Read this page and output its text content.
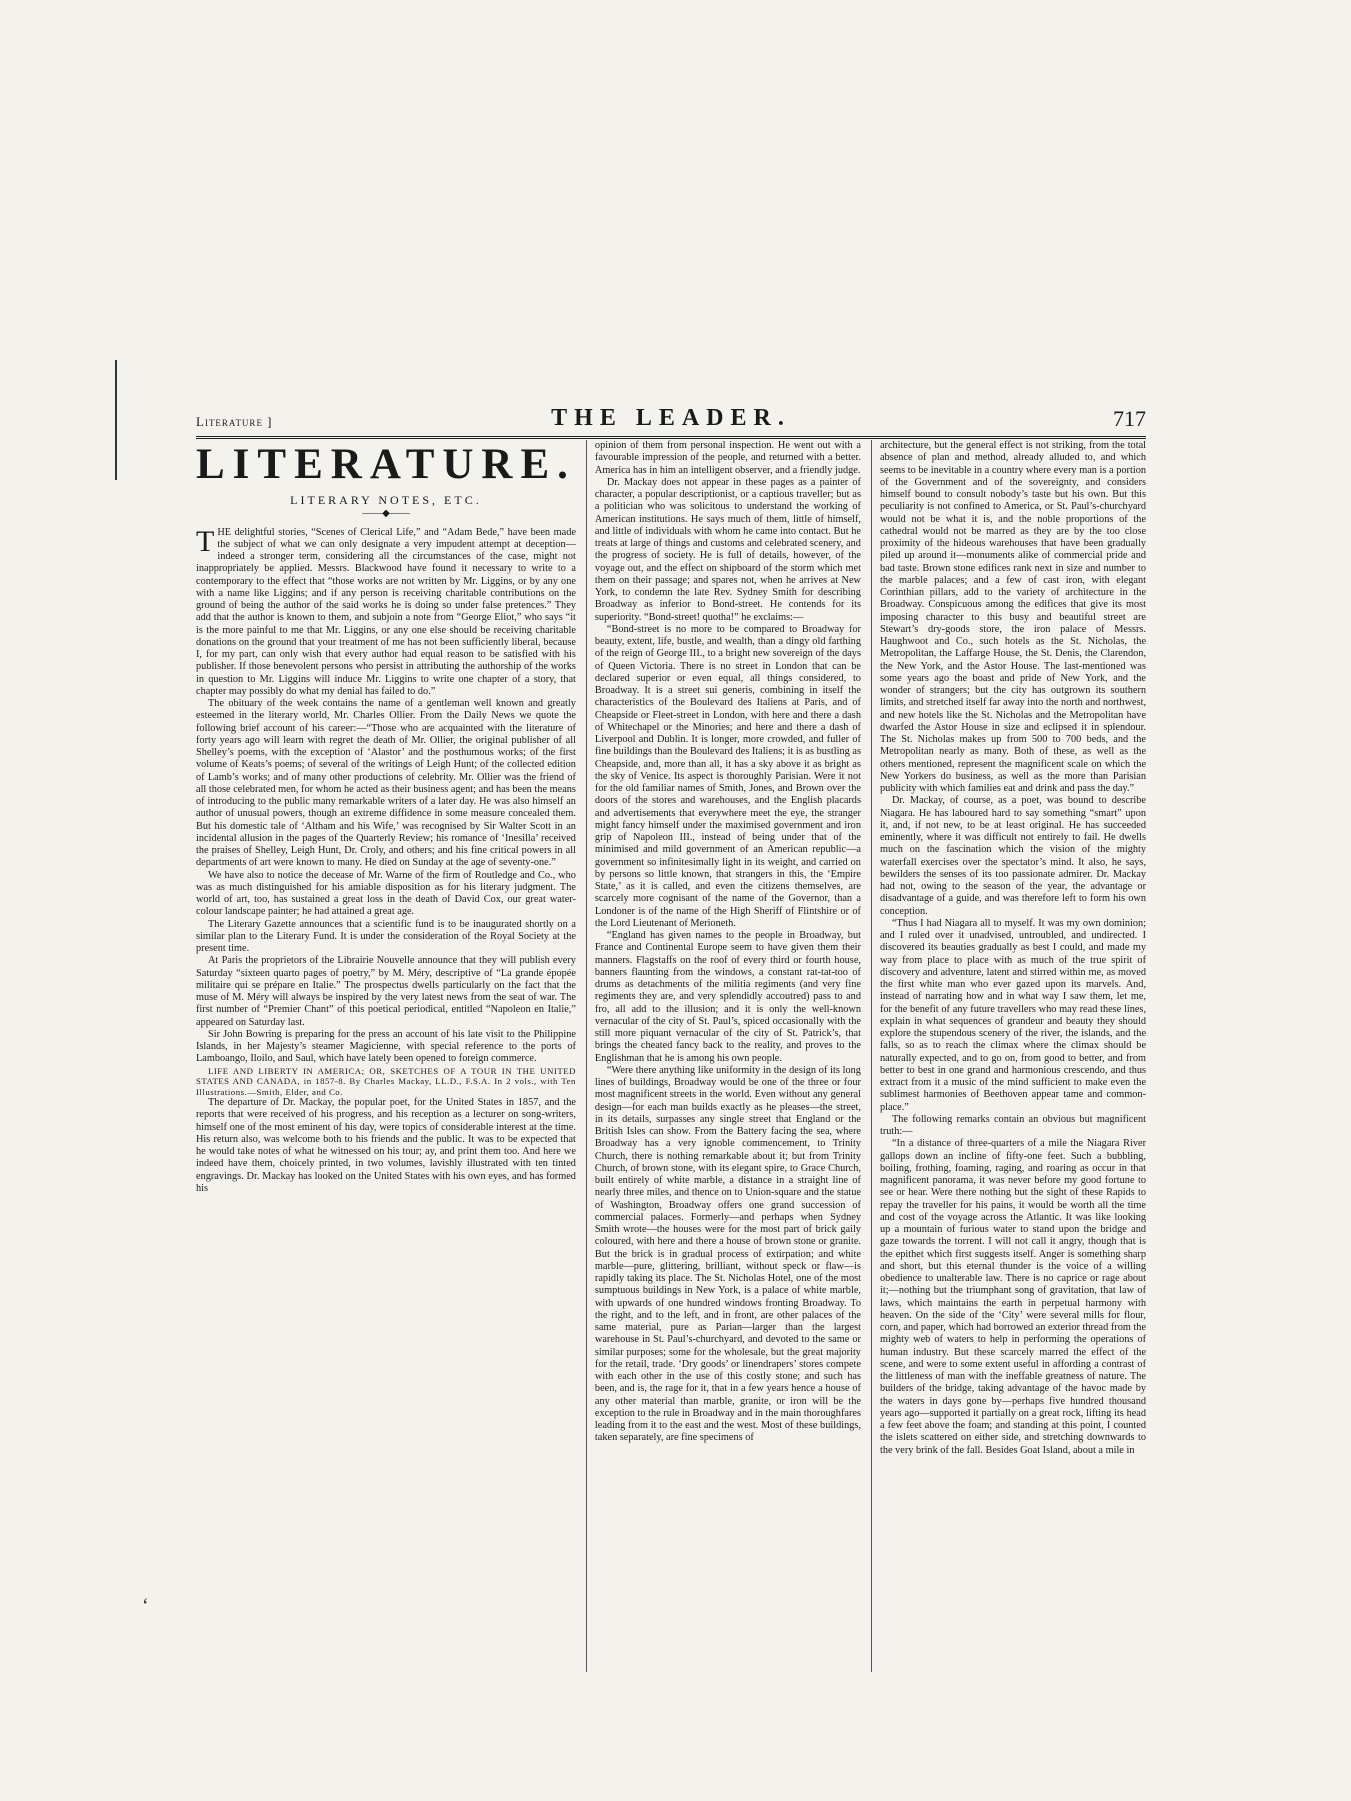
ʻ
Literature ]	THE LEADER.	717
LITERATURE.
LITERARY NOTES, ETC.
——◆——

THE delightful stories, “Scenes of Clerical Life,” and “Adam Bede,” have been made the subject of what we can only designate a very impudent attempt at deception—indeed a stronger term, considering all the circumstances of the case, might not inappropriately be applied. Messrs. Blackwood have found it necessary to write to a contemporary to the effect that “those works are not written by Mr. Liggins, or by any one with a name like Liggins; and if any person is receiving charitable contributions on the ground of being the author of the said works he is doing so under false pretences.” They add that the author is known to them, and subjoin a note from “George Eliot,” who says “it is the more painful to me that Mr. Liggins, or any one else should be receiving charitable donations on the ground that your treatment of me has not been sufficiently liberal, because I, for my part, can only wish that every author had equal reason to be satisfied with his publisher. If those benevolent persons who persist in attributing the authorship of the works in question to Mr. Liggins will induce Mr. Liggins to write one chapter of a story, that chapter may possibly do what my denial has failed to do.”

The obituary of the week contains the name of a gentleman well known and greatly esteemed in the literary world, Mr. Charles Ollier. From the Daily News we quote the following brief account of his career:—“Those who are acquainted with the literature of forty years ago will learn with regret the death of Mr. Ollier, the original publisher of all Shelley’s poems, with the exception of ‘Alastor’ and the posthumous works; of the first volume of Keats’s poems; of several of the writings of Leigh Hunt; of the collected edition of Lamb’s works; and of many other productions of celebrity. Mr. Ollier was the friend of all those celebrated men, for whom he acted as their business agent; and has been the means of introducing to the public many remarkable writers of a later day. He was also himself an author of unusual powers, though an extreme diffidence in some measure concealed them. But his domestic tale of ‘Altham and his Wife,’ was recognised by Sir Walter Scott in an incidental allusion in the pages of the Quarterly Review; his romance of ‘Inesilla’ received the praises of Shelley, Leigh Hunt, Dr. Croly, and others; and his fine critical powers in all departments of art were known to many. He died on Sunday at the age of seventy-one.”

We have also to notice the decease of Mr. Warne of the firm of Routledge and Co., who was as much distinguished for his amiable disposition as for his literary judgment. The world of art, too, has sustained a great loss in the death of David Cox, our great water-colour landscape painter; he had attained a great age.

The Literary Gazette announces that a scientific fund is to be inaugurated shortly on a similar plan to the Literary Fund. It is under the consideration of the Royal Society at the present time.

At Paris the proprietors of the Librairie Nouvelle announce that they will publish every Saturday “sixteen quarto pages of poetry,” by M. Méry, descriptive of “La grande épopée militaire qui se prépare en Italie.” The prospectus dwells particularly on the fact that the muse of M. Méry will always be inspired by the very latest news from the seat of war. The first number of “Premier Chant” of this poetical periodical, entitled “Napoleon en Italie,” appeared on Saturday last.

Sir John Bowring is preparing for the press an account of his late visit to the Philippine Islands, in her Majesty’s steamer Magicienne, with special reference to the ports of Lamboango, Iloilo, and Saul, which have lately been opened to foreign commerce.

LIFE AND LIBERTY IN AMERICA; OR, SKETCHES OF A TOUR IN THE UNITED STATES AND CANADA, in 1857-8. By Charles Mackay, LL.D., F.S.A. In 2 vols., with Ten Illustrations.—Smith, Elder, and Co.

The departure of Dr. Mackay, the popular poet, for the United States in 1857, and the reports that were received of his progress, and his reception as a lecturer on song-writers, himself one of the most eminent of his day, were topics of considerable interest at the time. His return also, was welcome both to his friends and the public. It was to be expected that he would take notes of what he witnessed on his tour; ay, and print them too. And here we indeed have them, choicely printed, in two volumes, lavishly illustrated with ten tinted engravings. Dr. Mackay has looked on the United States with his own eyes, and has formed his

opinion of them from personal inspection. He went out with a favourable impression of the people, and returned with a better. America has in him an intelligent observer, and a friendly judge.

Dr. Mackay does not appear in these pages as a painter of character, a popular descriptionist, or a captious traveller; but as a politician who was solicitous to understand the working of American institutions. He says much of them, little of himself, and little of individuals with whom he came into contact. But he treats at large of things and customs and celebrated scenery, and the progress of society. He is full of details, however, of the voyage out, and the effect on shipboard of the storm which met them on their passage; and spares not, when he arrives at New York, to condemn the late Rev. Sydney Smith for describing Broadway as inferior to Bond-street. He contends for its superiority. “Bond-street! quotha!” he exclaims:—

“Bond-street is no more to be compared to Broadway for beauty, extent, life, bustle, and wealth, than a dingy old farthing of the reign of George III., to a bright new sovereign of the days of Queen Victoria. There is no street in London that can be declared superior or even equal, all things considered, to Broadway. It is a street sui generis, combining in itself the characteristics of the Boulevard des Italiens at Paris, and of Cheapside or Fleet-street in London, with here and there a dash of Whitechapel or the Minories; and here and there a dash of Liverpool and Dublin. It is longer, more crowded, and fuller of fine buildings than the Boulevard des Italiens; it is as bustling as Cheapside, and, more than all, it has a sky above it as bright as the sky of Venice. Its aspect is thoroughly Parisian. Were it not for the old familiar names of Smith, Jones, and Brown over the doors of the stores and warehouses, and the English placards and advertisements that everywhere meet the eye, the stranger might fancy himself under the maximised government and iron grip of Napoleon III., instead of being under that of the minimised and mild government of an American republic—a government so infinitesimally light in its weight, and carried on by persons so little known, that strangers in this, the ‘Empire State,’ as it is called, and even the citizens themselves, are scarcely more cognisant of the name of the Governor, than a Londoner is of the name of the High Sheriff of Flintshire or of the Lord Lieutenant of Merioneth.

“England has given names to the people in Broadway, but France and Continental Europe seem to have given them their manners. Flagstaffs on the roof of every third or fourth house, banners flaunting from the windows, a constant rat-tat-too of drums as detachments of the militia regiments (and very fine regiments they are, and very splendidly accoutred) pass to and fro, all add to the illusion; and it is only the well-known vernacular of the city of St. Paul’s, spiced occasionally with the still more piquant vernacular of the city of St. Patrick’s, that brings the cheated fancy back to the reality, and proves to the Englishman that he is among his own people.

“Were there anything like uniformity in the design of its long lines of buildings, Broadway would be one of the three or four most magnificent streets in the world. Even without any general design—for each man builds exactly as he pleases—the street, in its details, surpasses any single street that England or the British Isles can show. From the Battery facing the sea, where Broadway has a very ignoble commencement, to Trinity Church, there is nothing remarkable about it; but from Trinity Church, of brown stone, with its elegant spire, to Grace Church, built entirely of white marble, a distance in a straight line of nearly three miles, and thence on to Union-square and the statue of Washington, Broadway offers one grand succession of commercial palaces. Formerly—and perhaps when Sydney Smith wrote—the houses were for the most part of brick gaily coloured, with here and there a house of brown stone or granite. But the brick is in gradual process of extirpation; and white marble—pure, glittering, brilliant, without speck or flaw—is rapidly taking its place. The St. Nicholas Hotel, one of the most sumptuous buildings in New York, is a palace of white marble, with upwards of one hundred windows fronting Broadway. To the right, and to the left, and in front, are other palaces of the same material, pure as Parian—larger than the largest warehouse in St. Paul’s-churchyard, and devoted to the same or similar purposes; some for the wholesale, but the great majority for the retail, trade. ‘Dry goods’ or linendrapers’ stores compete with each other in the use of this costly stone; and such has been, and is, the rage for it, that in a few years hence a house of any other material than marble, granite, or iron will be the exception to the rule in Broadway and in the main thoroughfares leading from it to the east and the west. Most of these buildings, taken separately, are fine specimens of

architecture, but the general effect is not striking, from the total absence of plan and method, already alluded to, and which seems to be inevitable in a country where every man is a portion of the Government and of the sovereignty, and considers himself bound to consult nobody’s taste but his own. But this peculiarity is not confined to America, or St. Paul’s-churchyard would not be what it is, and the noble proportions of the cathedral would not be marred as they are by the too close proximity of the hideous warehouses that have been gradually piled up around it—monuments alike of commercial pride and bad taste. Brown stone edifices rank next in size and number to the marble palaces; and a few of cast iron, with elegant Corinthian pillars, add to the variety of architecture in the Broadway. Conspicuous among the edifices that give its most imposing character to this busy and beautiful street are Stewart’s dry-goods store, the iron palace of Messrs. Haughwoot and Co., such hotels as the St. Nicholas, the Metropolitan, the Laffarge House, the St. Denis, the Clarendon, the New York, and the Astor House. The last-mentioned was some years ago the boast and pride of New York, and the wonder of strangers; but the city has outgrown its southern limits, and stretched itself far away into the north and northwest, and new hotels like the St. Nicholas and the Metropolitan have dwarfed the Astor House in size and eclipsed it in splendour. The St. Nicholas makes up from 500 to 700 beds, and the Metropolitan nearly as many. Both of these, as well as the others mentioned, represent the magnificent scale on which the New Yorkers do business, as well as the more than Parisian publicity with which families eat and drink and pass the day.”

Dr. Mackay, of course, as a poet, was bound to describe Niagara. He has laboured hard to say something “smart” upon it, and, if not new, to be at least original. He has succeeded eminently, where it was difficult not entirely to fail. He dwells much on the fascination which the vision of the mighty waterfall exercises over the spectator’s mind. It also, he says, bewilders the senses of its too passionate admirer. Dr. Mackay had not, owing to the season of the year, the advantage or disadvantage of a guide, and was therefore left to form his own conception.

“Thus I had Niagara all to myself. It was my own dominion; and I ruled over it unadvised, untroubled, and undirected. I discovered its beauties gradually as best I could, and made my way from place to place with as much of the true spirit of discovery and adventure, latent and stirred within me, as moved the first white man who ever gazed upon its marvels. And, instead of narrating how and in what way I saw them, let me, for the benefit of any future travellers who may read these lines, explain in what sequences of grandeur and beauty they should explore the stupendous scenery of the river, the islands, and the falls, so as to reach the climax where the climax should be naturally expected, and to go on, from good to better, and from better to best in one grand and harmonious crescendo, and thus extract from it a music of the mind sufficient to make even the sublimest harmonies of Beethoven appear tame and common-place.”

The following remarks contain an obvious but magnificent truth:—

“In a distance of three-quarters of a mile the Niagara River gallops down an incline of fifty-one feet. Such a bubbling, boiling, frothing, foaming, raging, and roaring as occur in that magnificent panorama, it was never before my good fortune to see or hear. Were there nothing but the sight of these Rapids to repay the traveller for his pains, it would be worth all the time and cost of the voyage across the Atlantic. It was like looking up a mountain of furious water to stand upon the bridge and gaze towards the torrent. I will not call it angry, though that is the epithet which first suggests itself. Anger is something sharp and short, but this eternal thunder is the voice of a willing obedience to unalterable law. There is no caprice or rage about it;—nothing but the triumphant song of gravitation, that law of laws, which maintains the earth in perpetual harmony with heaven. On the side of the ‘City’ were several mills for flour, corn, and paper, which had borrowed an exterior thread from the mighty web of waters to help in performing the operations of human industry. But these scarcely marred the effect of the scene, and were to some extent useful in affording a contrast of the littleness of man with the ineffable greatness of nature. The builders of the bridge, taking advantage of the havoc made by the waters in days gone by—perhaps five hundred thousand years ago—supported it partially on a great rock, lifting its head a few feet above the foam; and standing at this point, I counted the islets scattered on either side, and stretching downwards to the very brink of the fall. Besides Goat Island, about a mile in
